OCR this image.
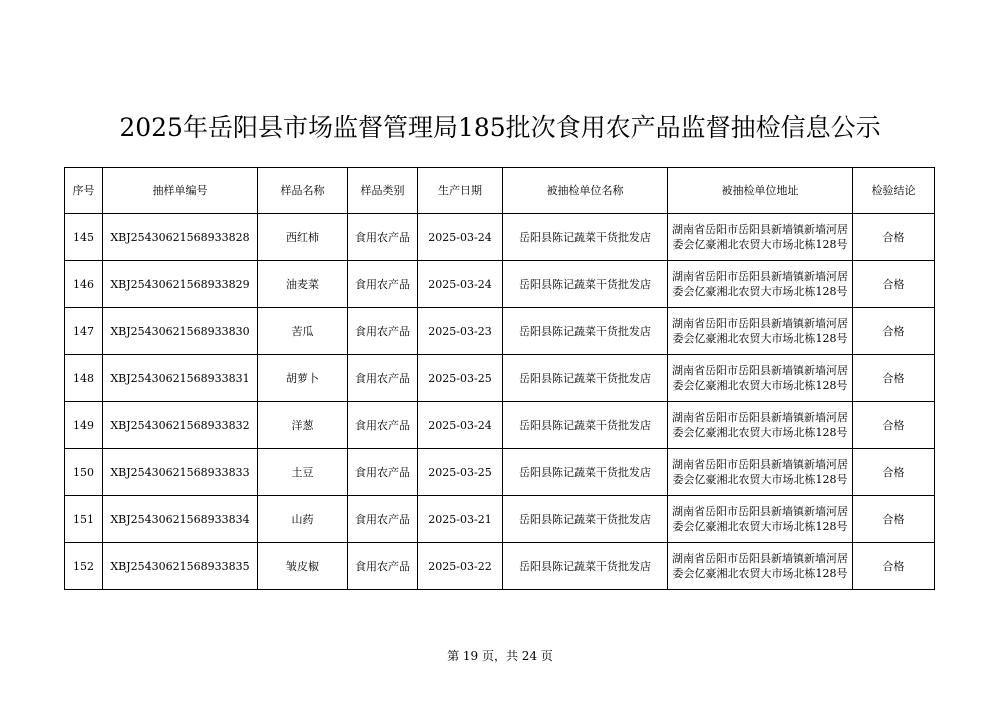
2025年岳阳县市场监督管理局185批次食用农产品监督抽检信息公示
序号	抽样单编号	样品名称	样品类别	生产日期	被抽检单位名称	被抽检单位地址	检验结论
145	XBJ25430621568933828	西红柿	食用农产品	2025-03-24	岳阳县陈记蔬菜干货批发店	湖南省岳阳市岳阳县新墙镇新墙河居委会亿豪湘北农贸大市场北栋128号	合格
146	XBJ25430621568933829	油麦菜	食用农产品	2025-03-24	岳阳县陈记蔬菜干货批发店	湖南省岳阳市岳阳县新墙镇新墙河居委会亿豪湘北农贸大市场北栋128号	合格
147	XBJ25430621568933830	苦瓜	食用农产品	2025-03-23	岳阳县陈记蔬菜干货批发店	湖南省岳阳市岳阳县新墙镇新墙河居委会亿豪湘北农贸大市场北栋128号	合格
148	XBJ25430621568933831	胡萝卜	食用农产品	2025-03-25	岳阳县陈记蔬菜干货批发店	湖南省岳阳市岳阳县新墙镇新墙河居委会亿豪湘北农贸大市场北栋128号	合格
149	XBJ25430621568933832	洋葱	食用农产品	2025-03-24	岳阳县陈记蔬菜干货批发店	湖南省岳阳市岳阳县新墙镇新墙河居委会亿豪湘北农贸大市场北栋128号	合格
150	XBJ25430621568933833	土豆	食用农产品	2025-03-25	岳阳县陈记蔬菜干货批发店	湖南省岳阳市岳阳县新墙镇新墙河居委会亿豪湘北农贸大市场北栋128号	合格
151	XBJ25430621568933834	山药	食用农产品	2025-03-21	岳阳县陈记蔬菜干货批发店	湖南省岳阳市岳阳县新墙镇新墙河居委会亿豪湘北农贸大市场北栋128号	合格
152	XBJ25430621568933835	皱皮椒	食用农产品	2025-03-22	岳阳县陈记蔬菜干货批发店	湖南省岳阳市岳阳县新墙镇新墙河居委会亿豪湘北农贸大市场北栋128号	合格
第 19 页，共 24 页
